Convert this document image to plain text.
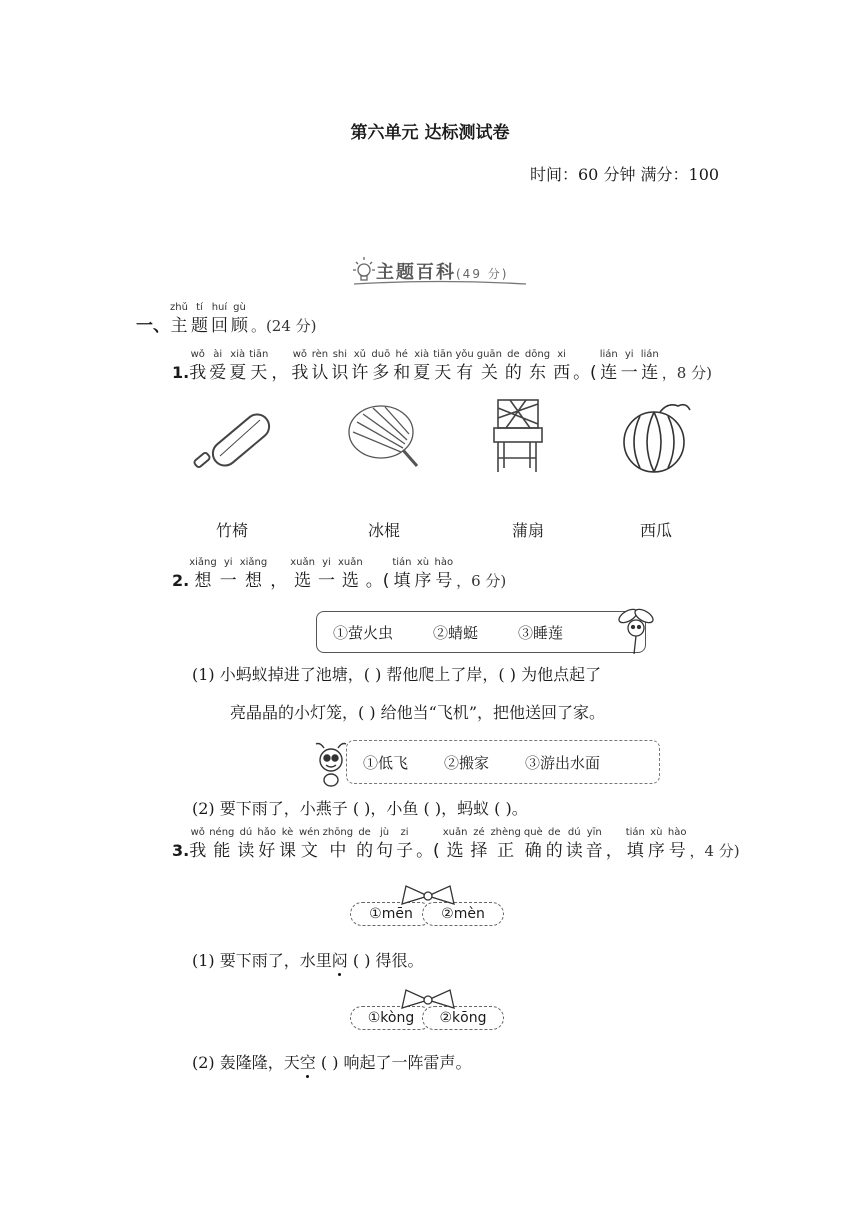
第六单元 达标测试卷
时间：60 分钟 满分：100
主题百科(49 分)
一、
zhǔ
主
tí
题
huí
回
gù
顾 。(24 分)
1.
wǒ
我
ài
爱
xià
夏
tiān
天 ，
wǒ
我
rèn
认
shi
识
xǔ
许
duō
多
hé
和
xià
夏
tiān
天
yǒu
有
guān
关
de
的
dōng
东
xi
西 。(
lián
连
yi
一
lián
连 ，8 分)
竹椅	冰棍	蒲扇	西瓜
2.
xiǎng
想
yi
一
xiǎng
想 ，
xuǎn
选
yi
一
xuǎn
选 。(
tián
填
xù
序
hào
号 ，6 分)
①萤火虫	②蜻蜓	③睡莲
(1) 小蚂蚁掉进了池塘，( ) 帮他爬上了岸，( ) 为他点起了
亮晶晶的小灯笼，( ) 给他当“飞机”，把他送回了家。
①低飞 ②搬家 ③游出水面
(2) 要下雨了，小燕子 ( )，小鱼 ( )，蚂蚁 ( )。
3.
wǒ
我
néng
能
dú
读
hǎo
好
kè
课
wén
文
zhōng
中
de
的
jù
句
zi
子 。(
xuǎn
选
zé
择
zhèng
正
què
确
de
的
dú
读
yīn
音 ，
tián
填
xù
序
hào
号 ，4 分)
①mēn	②mèn
(1) 要下雨了，水里闷 ( ) 得很。
①kòng	②kōng
(2) 轰隆隆，天空 ( ) 响起了一阵雷声。
